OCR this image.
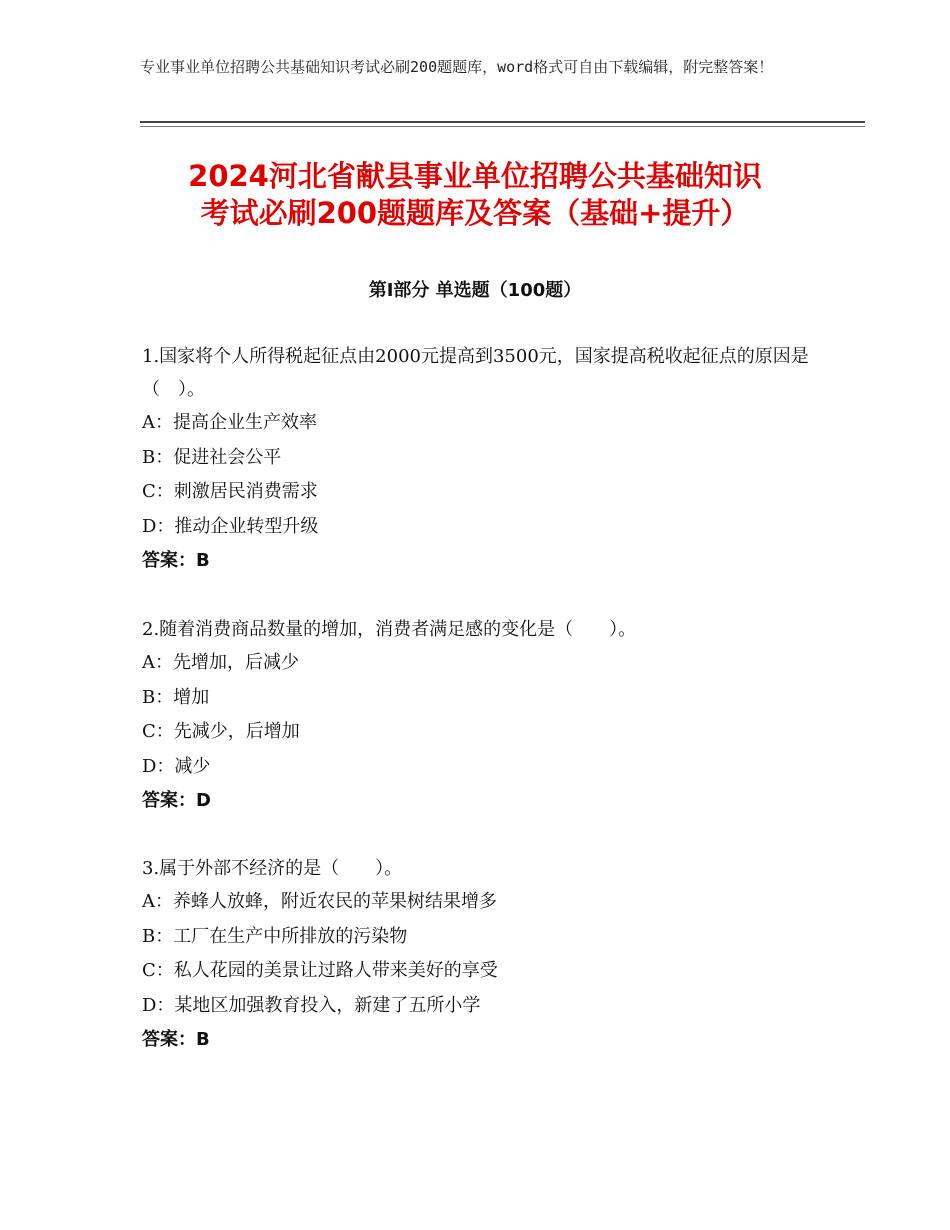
专业事业单位招聘公共基础知识考试必刷200题题库，word格式可自由下载编辑，附完整答案！
2024河北省献县事业单位招聘公共基础知识
考试必刷200题题库及答案（基础+提升）
第Ⅰ部分 单选题（100题）
1.国家将个人所得税起征点由2000元提高到3500元，国家提高税收起征点的原因是（　）。
A：提高企业生产效率
B：促进社会公平
C：刺激居民消费需求
D：推动企业转型升级
答案：B
2.随着消费商品数量的增加，消费者满足感的变化是（　　）。
A：先增加，后减少
B：增加
C：先减少，后增加
D：减少
答案：D
3.属于外部不经济的是（　　）。
A：养蜂人放蜂，附近农民的苹果树结果增多
B：工厂在生产中所排放的污染物
C：私人花园的美景让过路人带来美好的享受
D：某地区加强教育投入，新建了五所小学
答案：B
